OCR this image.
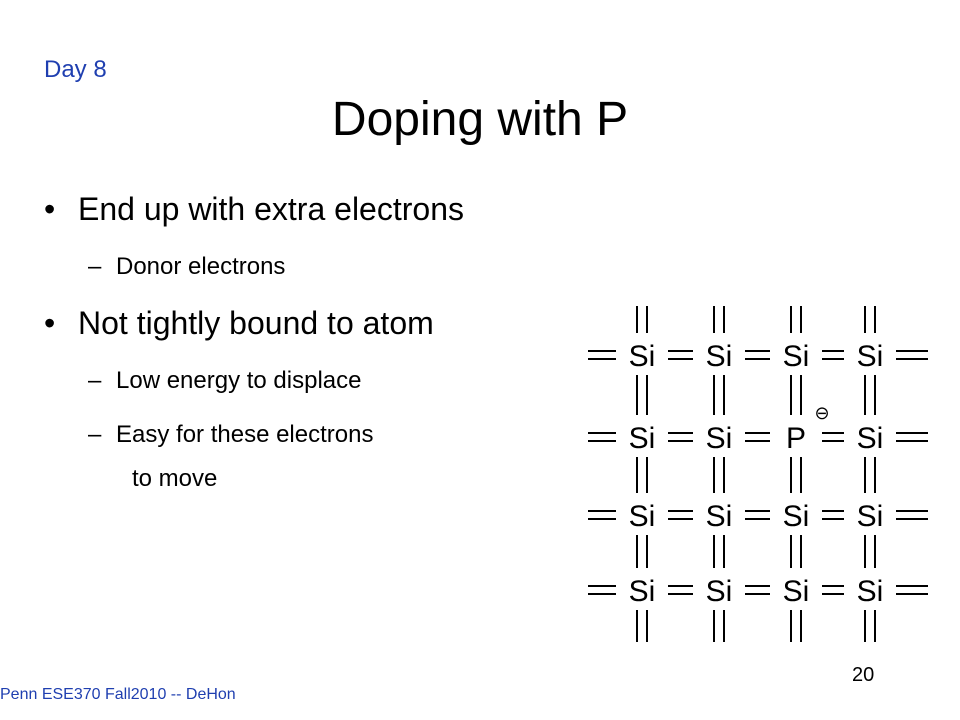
Day 8
Doping with P
• End up with extra electrons
– Donor electrons
• Not tightly bound to atom
– Low energy to displace
– Easy for these electrons
to move
Si Si Si Si
Si Si P Si
Si Si Si Si
Si Si Si Si
⊖
Penn ESE370 Fall2010 -- DeHon
20
